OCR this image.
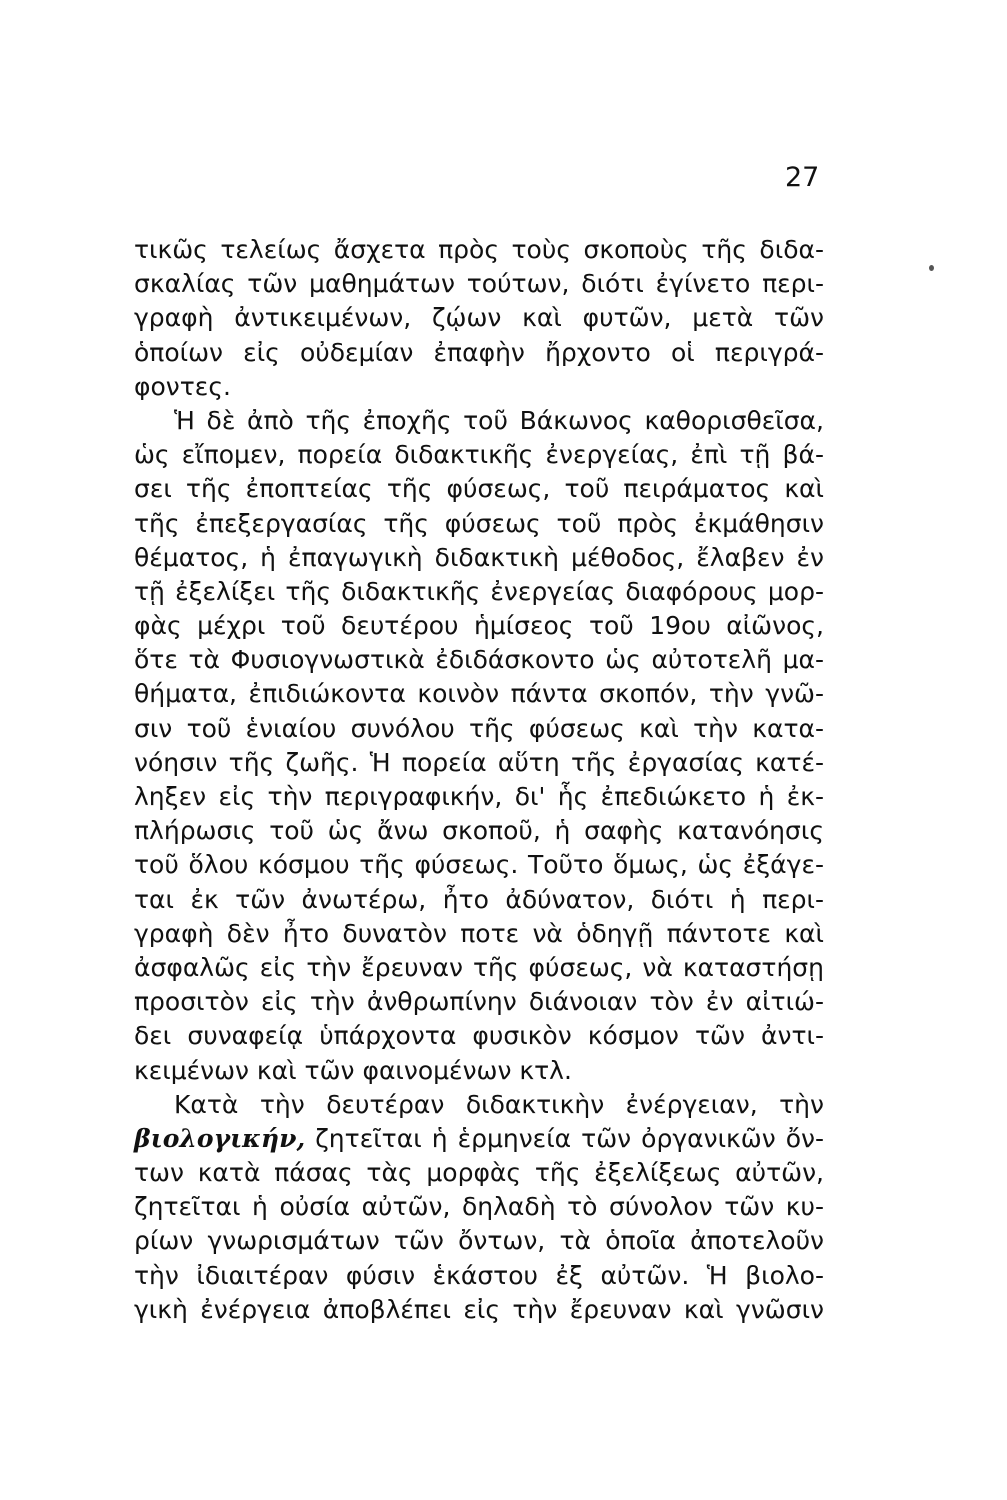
27
τικῶς τελείως ἄσχετα πρὸς τοὺς σκοποὺς τῆς διδα-
σκαλίας τῶν μαθημάτων τούτων, διότι ἐγίνετο περι-
γραφὴ ἀντικειμένων, ζῴων καὶ φυτῶν, μετὰ τῶν
ὁποίων εἰς οὐδεμίαν ἐπαφὴν ἤρχοντο οἱ περιγρά-
φοντες.
Ἡ δὲ ἀπὸ τῆς ἐποχῆς τοῦ Βάκωνος καθορισθεῖσα,
ὡς εἴπομεν, πορεία διδακτικῆς ἐνεργείας, ἐπὶ τῇ βά-
σει τῆς ἐποπτείας τῆς φύσεως, τοῦ πειράματος καὶ
τῆς ἐπεξεργασίας τῆς φύσεως τοῦ πρὸς ἐκμάθησιν
θέματος, ἡ ἐπαγωγικὴ διδακτικὴ μέθοδος, ἔλαβεν ἐν
τῇ ἐξελίξει τῆς διδακτικῆς ἐνεργείας διαφόρους μορ-
φὰς μέχρι τοῦ δευτέρου ἡμίσεος τοῦ 19ου αἰῶνος,
ὅτε τὰ Φυσιογνωστικὰ ἐδιδάσκοντο ὡς αὐτοτελῆ μα-
θήματα, ἐπιδιώκοντα κοινὸν πάντα σκοπόν, τὴν γνῶ-
σιν τοῦ ἑνιαίου συνόλου τῆς φύσεως καὶ τὴν κατα-
νόησιν τῆς ζωῆς. Ἡ πορεία αὕτη τῆς ἐργασίας κατέ-
ληξεν εἰς τὴν περιγραφικήν, δι' ἧς ἐπεδιώκετο ἡ ἐκ-
πλήρωσις τοῦ ὡς ἄνω σκοποῦ, ἡ σαφὴς κατανόησις
τοῦ ὅλου κόσμου τῆς φύσεως. Τοῦτο ὅμως, ὡς ἐξάγε-
ται ἐκ τῶν ἀνωτέρω, ἦτο ἀδύνατον, διότι ἡ περι-
γραφὴ δὲν ἦτο δυνατὸν ποτε νὰ ὁδηγῇ πάντοτε καὶ
ἀσφαλῶς εἰς τὴν ἔρευναν τῆς φύσεως, νὰ καταστήσῃ
προσιτὸν εἰς τὴν ἀνθρωπίνην διάνοιαν τὸν ἐν αἰτιώ-
δει συναφείᾳ ὑπάρχοντα φυσικὸν κόσμον τῶν ἀντι-
κειμένων καὶ τῶν φαινομένων κτλ.
Κατὰ τὴν δευτέραν διδακτικὴν ἐνέργειαν, τὴν
βιολογικήν, ζητεῖται ἡ ἑρμηνεία τῶν ὀργανικῶν ὄν-
των κατὰ πάσας τὰς μορφὰς τῆς ἐξελίξεως αὐτῶν,
ζητεῖται ἡ οὐσία αὐτῶν, δηλαδὴ τὸ σύνολον τῶν κυ-
ρίων γνωρισμάτων τῶν ὄντων, τὰ ὁποῖα ἀποτελοῦν
τὴν ἰδιαιτέραν φύσιν ἑκάστου ἐξ αὐτῶν. Ἡ βιολο-
γικὴ ἐνέργεια ἀποβλέπει εἰς τὴν ἔρευναν καὶ γνῶσιν
